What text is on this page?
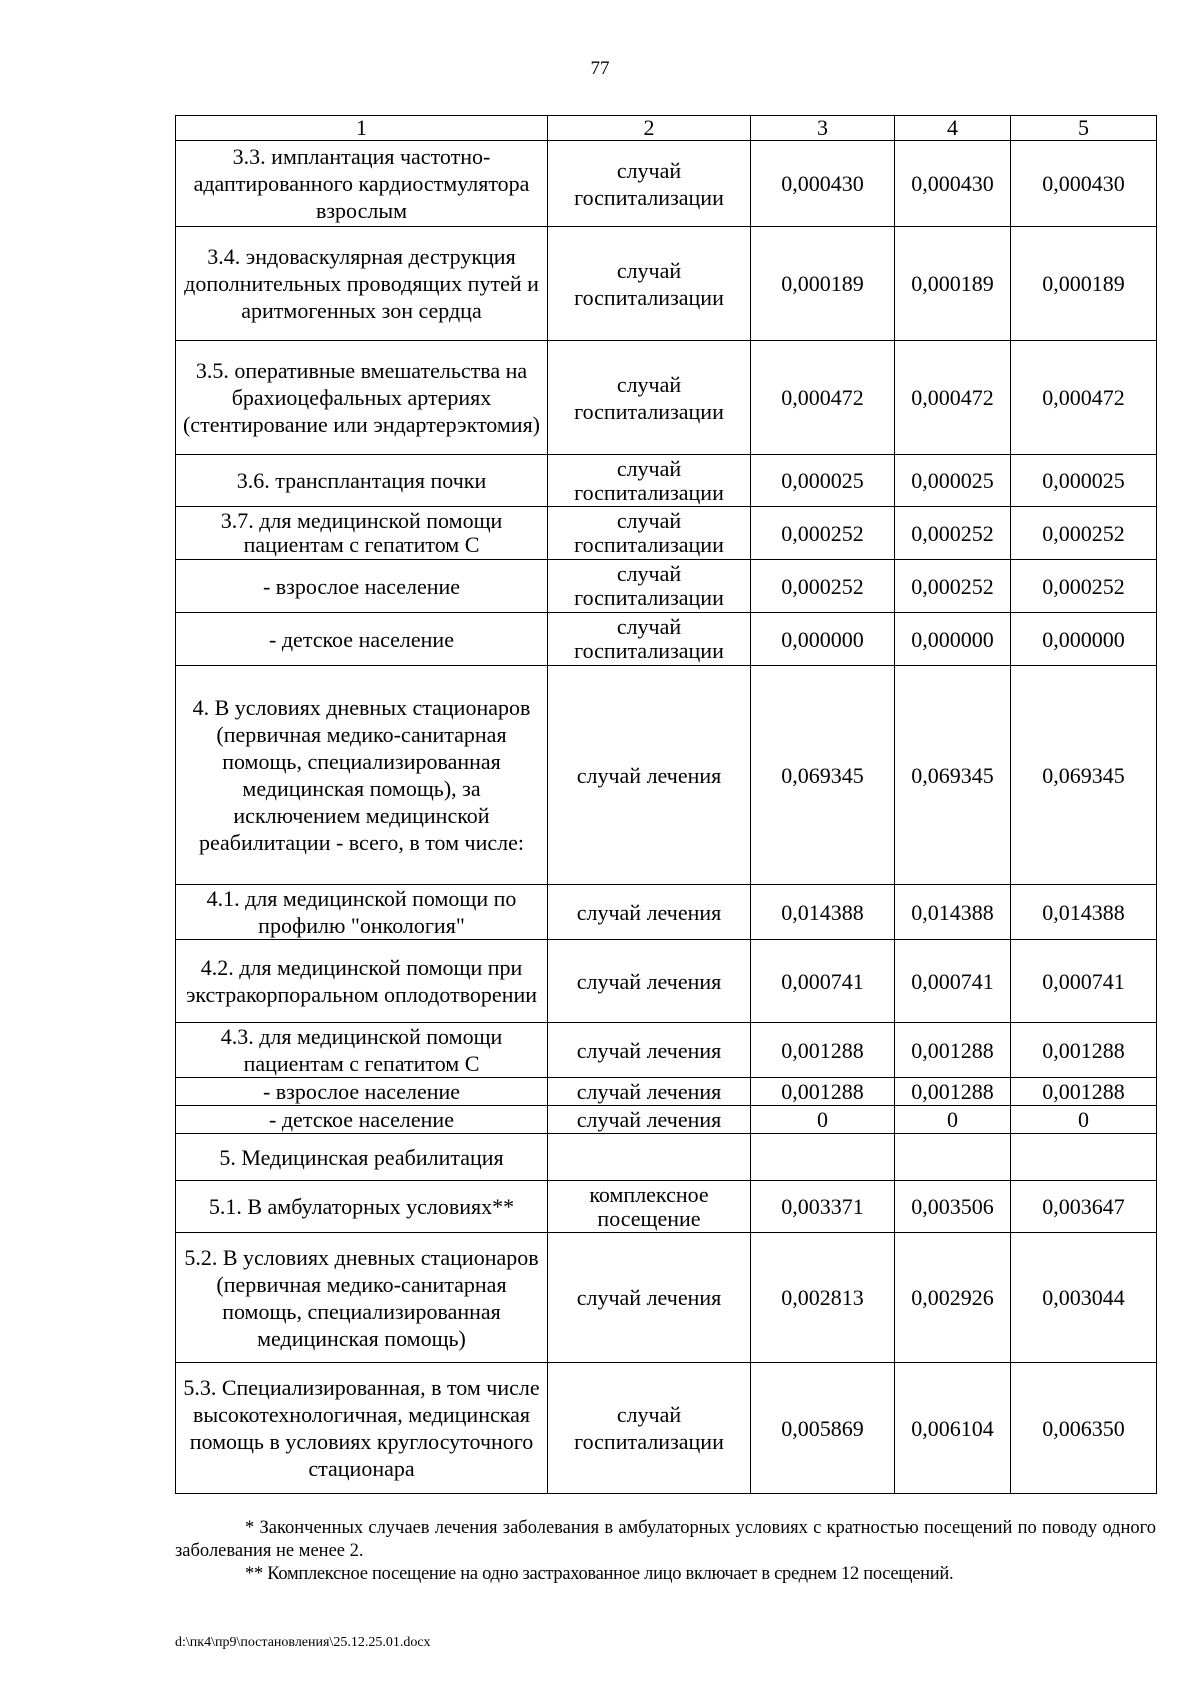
77
1	2	3	4	5
3.3. имплантация частотно-адаптированного кардиостмулятора взрослым	случай госпитализации	0,000430	0,000430	0,000430
3.4. эндоваскулярная деструкция дополнительных проводящих путей и аритмогенных зон сердца	случай госпитализации	0,000189	0,000189	0,000189
3.5. оперативные вмешательства на брахиоцефальных артериях (стентирование или эндартерэктомия)	случай госпитализации	0,000472	0,000472	0,000472
3.6. трансплантация почки	случай госпитализации	0,000025	0,000025	0,000025
3.7. для медицинской помощи пациентам с гепатитом С	случай госпитализации	0,000252	0,000252	0,000252
- взрослое население	случай госпитализации	0,000252	0,000252	0,000252
- детское население	случай госпитализации	0,000000	0,000000	0,000000
4. В условиях дневных стационаров (первичная медико-санитарная помощь, специализированная медицинская помощь), за исключением медицинской реабилитации - всего, в том числе:	случай лечения	0,069345	0,069345	0,069345
4.1. для медицинской помощи по профилю "онкология"	случай лечения	0,014388	0,014388	0,014388
4.2. для медицинской помощи при экстракорпоральном оплодотворении	случай лечения	0,000741	0,000741	0,000741
4.3. для медицинской помощи пациентам с гепатитом С	случай лечения	0,001288	0,001288	0,001288
- взрослое население	случай лечения	0,001288	0,001288	0,001288
- детское население	случай лечения	0	0	0
5. Медицинская реабилитация				
5.1. В амбулаторных условиях**	комплексное посещение	0,003371	0,003506	0,003647
5.2. В условиях дневных стационаров (первичная медико-санитарная помощь, специализированная медицинская помощь)	случай лечения	0,002813	0,002926	0,003044
5.3. Специализированная, в том числе высокотехнологичная, медицинская помощь в условиях круглосуточного стационара	случай госпитализации	0,005869	0,006104	0,006350
* Законченных случаев лечения заболевания в амбулаторных условиях с кратностью посещений по поводу одного заболевания не менее 2.
** Комплексное посещение на одно застрахованное лицо включает в среднем 12 посещений.
d:\пк4\пр9\постановления\25.12.25.01.docx
